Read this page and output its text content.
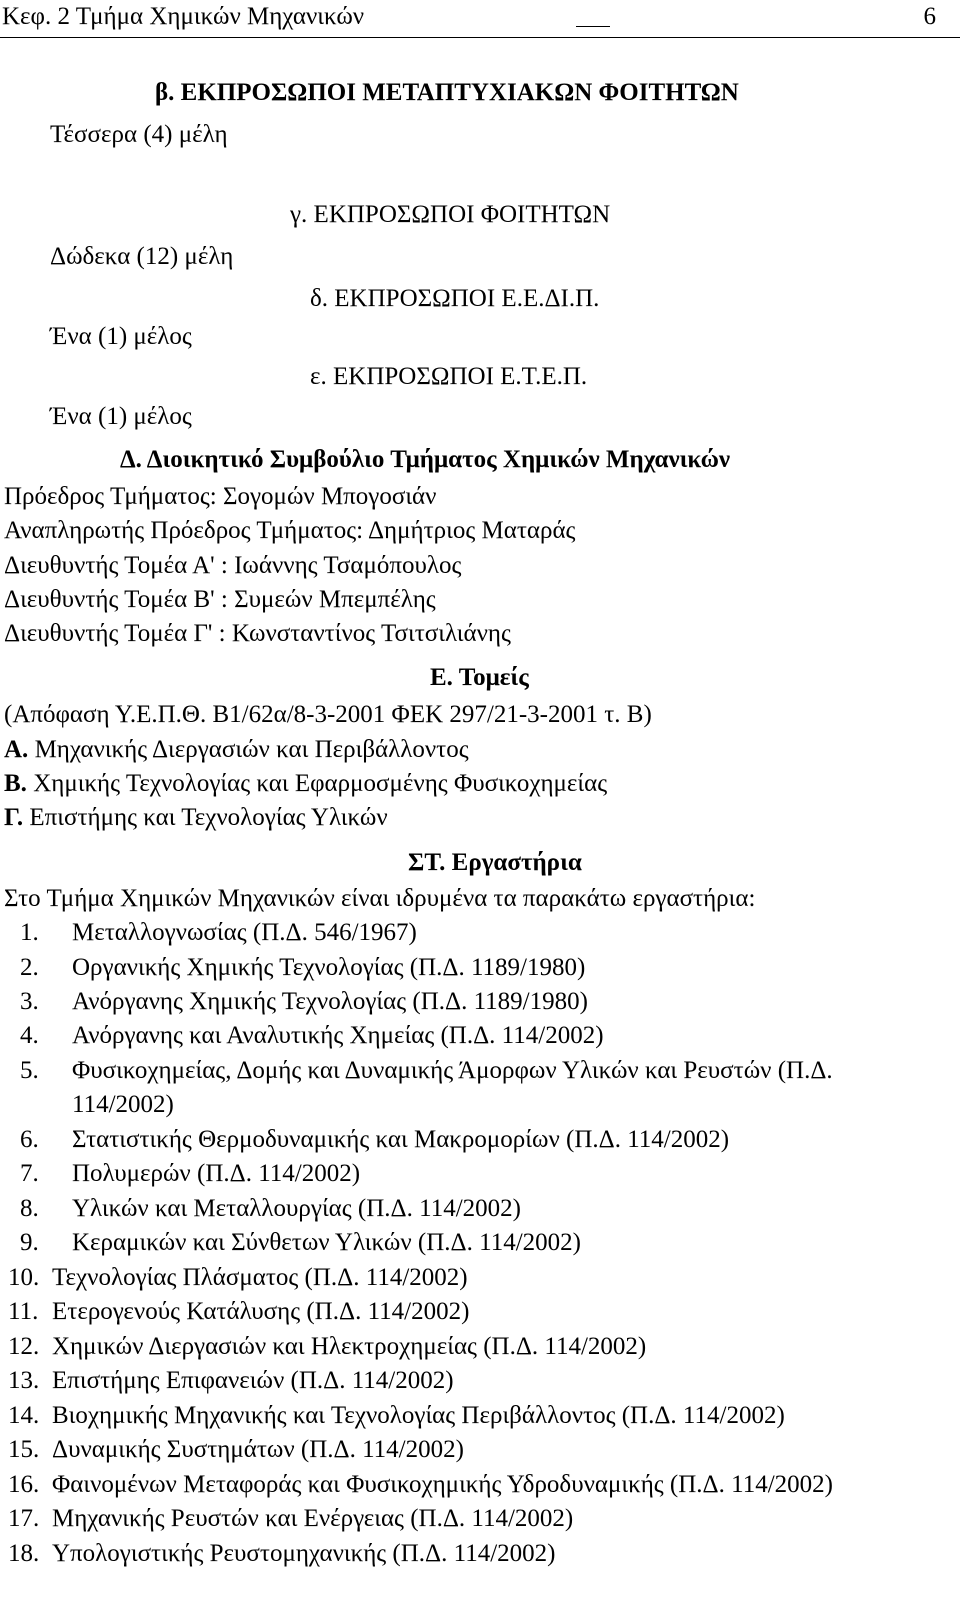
Κεφ. 2 Τμήμα Χημικών Μηχανικών	6
β. ΕΚΠΡΟΣΩΠΟΙ ΜΕΤΑΠΤΥΧΙΑΚΩΝ ΦΟΙΤΗΤΩΝ
Τέσσερα (4) μέλη
γ. ΕΚΠΡΟΣΩΠΟΙ ΦΟΙΤΗΤΩΝ
Δώδεκα (12) μέλη
δ. ΕΚΠΡΟΣΩΠΟΙ Ε.Ε.ΔΙ.Π.
Ένα (1) μέλος
ε. ΕΚΠΡΟΣΩΠΟΙ Ε.Τ.Ε.Π.
Ένα (1) μέλος
Δ. Διοικητικό Συμβούλιο Τμήματος Χημικών Μηχανικών
Πρόεδρος Τμήματος: Σογομών Μπογοσιάν
Αναπληρωτής Πρόεδρος Τμήματος: Δημήτριος Ματαράς
Διευθυντής Τομέα Α' : Ιωάννης Τσαμόπουλος
Διευθυντής Τομέα Β' : Συμεών Μπεμπέλης
Διευθυντής Τομέα Γ' : Κωνσταντίνος Τσιτσιλιάνης
Ε. Τομείς
(Απόφαση Υ.Ε.Π.Θ. Β1/62α/8-3-2001 ΦΕΚ 297/21-3-2001 τ. Β)
Α. Μηχανικής Διεργασιών και Περιβάλλοντος
Β. Χημικής Τεχνολογίας και Εφαρμοσμένης Φυσικοχημείας
Γ. Επιστήμης και Τεχνολογίας Υλικών
ΣΤ. Εργαστήρια
Στο Τμήμα Χημικών Μηχανικών είναι ιδρυμένα τα παρακάτω εργαστήρια:
1. Μεταλλογνωσίας (Π.Δ. 546/1967)
2. Οργανικής Χημικής Τεχνολογίας (Π.Δ. 1189/1980)
3. Ανόργανης Χημικής Τεχνολογίας (Π.Δ. 1189/1980)
4. Ανόργανης και Αναλυτικής Χημείας (Π.Δ. 114/2002)
5. Φυσικοχημείας, Δομής και Δυναμικής Άμορφων Υλικών και Ρευστών (Π.Δ.
114/2002)
6. Στατιστικής Θερμοδυναμικής και Μακρομορίων (Π.Δ. 114/2002)
7. Πολυμερών (Π.Δ. 114/2002)
8. Υλικών και Μεταλλουργίας (Π.Δ. 114/2002)
9. Κεραμικών και Σύνθετων Υλικών (Π.Δ. 114/2002)
10. Τεχνολογίας Πλάσματος (Π.Δ. 114/2002)
11. Ετερογενούς Κατάλυσης (Π.Δ. 114/2002)
12. Χημικών Διεργασιών και Ηλεκτροχημείας (Π.Δ. 114/2002)
13. Επιστήμης Επιφανειών (Π.Δ. 114/2002)
14. Βιοχημικής Μηχανικής και Τεχνολογίας Περιβάλλοντος (Π.Δ. 114/2002)
15. Δυναμικής Συστημάτων (Π.Δ. 114/2002)
16. Φαινομένων Μεταφοράς και Φυσικοχημικής Υδροδυναμικής (Π.Δ. 114/2002)
17. Μηχανικής Ρευστών και Ενέργειας (Π.Δ. 114/2002)
18. Υπολογιστικής Ρευστομηχανικής (Π.Δ. 114/2002)
